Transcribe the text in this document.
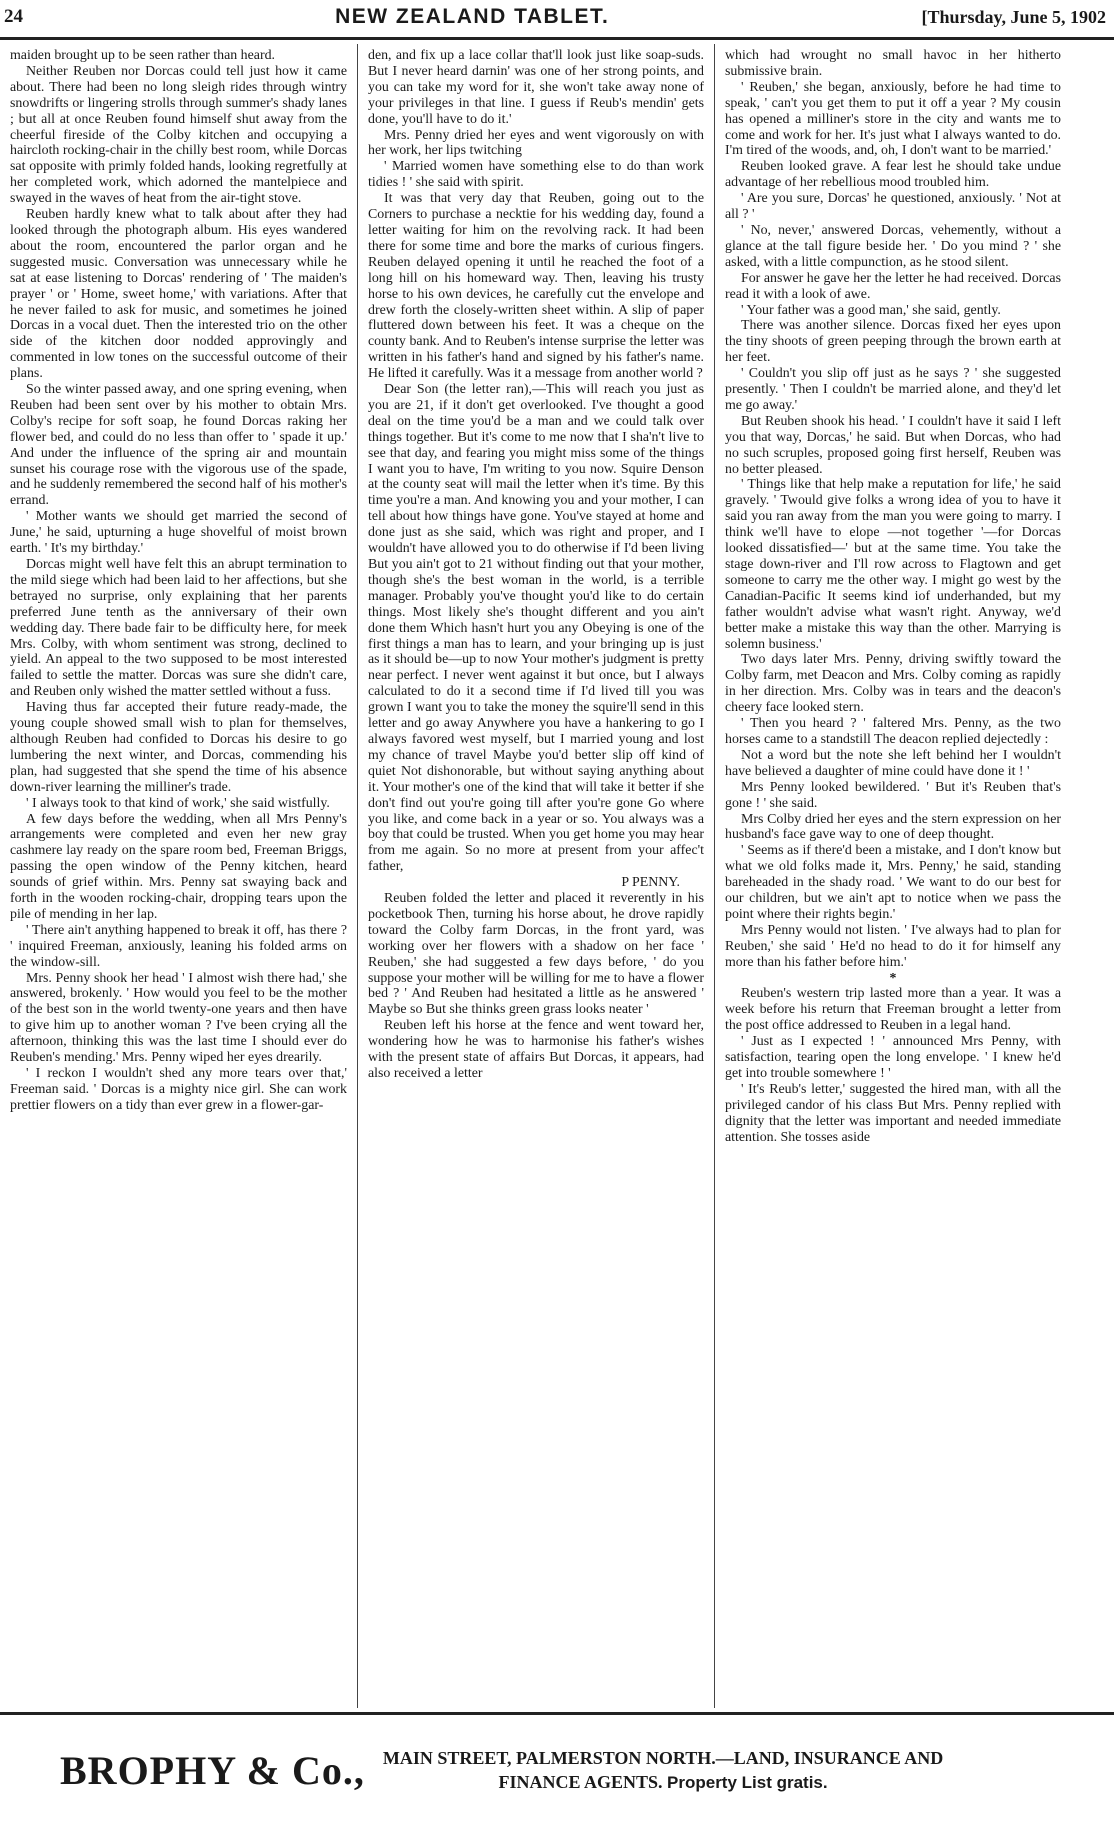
24	NEW ZEALAND TABLET.	[Thursday, June 5, 1902

maiden brought up to be seen rather than heard.

Neither Reuben nor Dorcas could tell just how it came about. There had been no long sleigh rides through wintry snowdrifts or lingering strolls through summer's shady lanes ; but all at once Reuben found himself shut away from the cheerful fireside of the Colby kitchen and occupying a haircloth rocking-chair in the chilly best room, while Dorcas sat opposite with primly folded hands, looking regretfully at her completed work, which adorned the mantelpiece and swayed in the waves of heat from the air-tight stove.

Reuben hardly knew what to talk about after they had looked through the photograph album. His eyes wandered about the room, encountered the parlor organ and he suggested music. Conversation was unnecessary while he sat at ease listening to Dorcas' rendering of ' The maiden's prayer ' or ' Home, sweet home,' with variations. After that he never failed to ask for music, and sometimes he joined Dorcas in a vocal duet. Then the interested trio on the other side of the kitchen door nodded approvingly and commented in low tones on the successful outcome of their plans.

So the winter passed away, and one spring evening, when Reuben had been sent over by his mother to obtain Mrs. Colby's recipe for soft soap, he found Dorcas raking her flower bed, and could do no less than offer to ' spade it up.' And under the influence of the spring air and mountain sunset his courage rose with the vigorous use of the spade, and he suddenly remembered the second half of his mother's errand.

' Mother wants we should get married the second of June,' he said, upturning a huge shovelful of moist brown earth. ' It's my birthday.'

Dorcas might well have felt this an abrupt termination to the mild siege which had been laid to her affections, but she betrayed no surprise, only explaining that her parents preferred June tenth as the anniversary of their own wedding day. There bade fair to be difficulty here, for meek Mrs. Colby, with whom sentiment was strong, declined to yield. An appeal to the two supposed to be most interested failed to settle the matter. Dorcas was sure she didn't care, and Reuben only wished the matter settled without a fuss.

Having thus far accepted their future ready-made, the young couple showed small wish to plan for themselves, although Reuben had confided to Dorcas his desire to go lumbering the next winter, and Dorcas, commending his plan, had suggested that she spend the time of his absence down-river learning the milliner's trade.

' I always took to that kind of work,' she said wistfully.

A few days before the wedding, when all Mrs Penny's arrangements were completed and even her new gray cashmere lay ready on the spare room bed, Freeman Briggs, passing the open window of the Penny kitchen, heard sounds of grief within. Mrs. Penny sat swaying back and forth in the wooden rocking-chair, dropping tears upon the pile of mending in her lap.

' There ain't anything happened to break it off, has there ? ' inquired Freeman, anxiously, leaning his folded arms on the window-sill.

Mrs. Penny shook her head ' I almost wish there had,' she answered, brokenly. ' How would you feel to be the mother of the best son in the world twenty-one years and then have to give him up to another woman ? I've been crying all the afternoon, thinking this was the last time I should ever do Reuben's mending.' Mrs. Penny wiped her eyes drearily.

' I reckon I wouldn't shed any more tears over that,' Freeman said. ' Dorcas is a mighty nice girl. She can work prettier flowers on a tidy than ever grew in a flower-gar-

den, and fix up a lace collar that'll look just like soap-suds. But I never heard darnin' was one of her strong points, and you can take my word for it, she won't take away none of your privileges in that line. I guess if Reub's mendin' gets done, you'll have to do it.'

Mrs. Penny dried her eyes and went vigorously on with her work, her lips twitching

' Married women have something else to do than work tidies ! ' she said with spirit.

It was that very day that Reuben, going out to the Corners to purchase a necktie for his wedding day, found a letter waiting for him on the revolving rack. It had been there for some time and bore the marks of curious fingers. Reuben delayed opening it until he reached the foot of a long hill on his homeward way. Then, leaving his trusty horse to his own devices, he carefully cut the envelope and drew forth the closely-written sheet within. A slip of paper fluttered down between his feet. It was a cheque on the county bank. And to Reuben's intense surprise the letter was written in his father's hand and signed by his father's name. He lifted it carefully. Was it a message from another world ?

Dear Son (the letter ran),—This will reach you just as you are 21, if it don't get overlooked. I've thought a good deal on the time you'd be a man and we could talk over things together. But it's come to me now that I sha'n't live to see that day, and fearing you might miss some of the things I want you to have, I'm writing to you now. Squire Denson at the county seat will mail the letter when it's time. By this time you're a man. And knowing you and your mother, I can tell about how things have gone. You've stayed at home and done just as she said, which was right and proper, and I wouldn't have allowed you to do otherwise if I'd been living But you ain't got to 21 without finding out that your mother, though she's the best woman in the world, is a terrible manager. Probably you've thought you'd like to do certain things. Most likely she's thought different and you ain't done them Which hasn't hurt you any Obeying is one of the first things a man has to learn, and your bringing up is just as it should be—up to now Your mother's judgment is pretty near perfect. I never went against it but once, but I always calculated to do it a second time if I'd lived till you was grown I want you to take the money the squire'll send in this letter and go away Anywhere you have a hankering to go I always favored west myself, but I married young and lost my chance of travel Maybe you'd better slip off kind of quiet Not dishonorable, but without saying anything about it. Your mother's one of the kind that will take it better if she don't find out you're going till after you're gone Go where you like, and come back in a year or so. You always was a boy that could be trusted. When you get home you may hear from me again. So no more at present from your affec't father,

P PENNY.

Reuben folded the letter and placed it reverently in his pocketbook Then, turning his horse about, he drove rapidly toward the Colby farm Dorcas, in the front yard, was working over her flowers with a shadow on her face ' Reuben,' she had suggested a few days before, ' do you suppose your mother will be willing for me to have a flower bed ? ' And Reuben had hesitated a little as he answered ' Maybe so But she thinks green grass looks neater '

Reuben left his horse at the fence and went toward her, wondering how he was to harmonise his father's wishes with the present state of affairs But Dorcas, it appears, had also received a letter

which had wrought no small havoc in her hitherto submissive brain.

' Reuben,' she began, anxiously, before he had time to speak, ' can't you get them to put it off a year ? My cousin has opened a milliner's store in the city and wants me to come and work for her. It's just what I always wanted to do. I'm tired of the woods, and, oh, I don't want to be married.'

Reuben looked grave. A fear lest he should take undue advantage of her rebellious mood troubled him.

' Are you sure, Dorcas' he questioned, anxiously. ' Not at all ? '

' No, never,' answered Dorcas, vehemently, without a glance at the tall figure beside her. ' Do you mind ? ' she asked, with a little compunction, as he stood silent.

For answer he gave her the letter he had received. Dorcas read it with a look of awe.

' Your father was a good man,' she said, gently.

There was another silence. Dorcas fixed her eyes upon the tiny shoots of green peeping through the brown earth at her feet.

' Couldn't you slip off just as he says ? ' she suggested presently. ' Then I couldn't be married alone, and they'd let me go away.'

But Reuben shook his head. ' I couldn't have it said I left you that way, Dorcas,' he said. But when Dorcas, who had no such scruples, proposed going first herself, Reuben was no better pleased.

' Things like that help make a reputation for life,' he said gravely. ' Twould give folks a wrong idea of you to have it said you ran away from the man you were going to marry. I think we'll have to elope —not together '—for Dorcas looked dissatisfied—' but at the same time. You take the stage down-river and I'll row across to Flagtown and get someone to carry me the other way. I might go west by the Canadian-Pacific It seems kind iof underhanded, but my father wouldn't advise what wasn't right. Anyway, we'd better make a mistake this way than the other. Marrying is solemn business.'

Two days later Mrs. Penny, driving swiftly toward the Colby farm, met Deacon and Mrs. Colby coming as rapidly in her direction. Mrs. Colby was in tears and the deacon's cheery face looked stern.

' Then you heard ? ' faltered Mrs. Penny, as the two horses came to a standstill The deacon replied dejectedly :

Not a word but the note she left behind her I wouldn't have believed a daughter of mine could have done it ! '

Mrs Penny looked bewildered. ' But it's Reuben that's gone ! ' she said.

Mrs Colby dried her eyes and the stern expression on her husband's face gave way to one of deep thought.

' Seems as if there'd been a mistake, and I don't know but what we old folks made it, Mrs. Penny,' he said, standing bareheaded in the shady road. ' We want to do our best for our children, but we ain't apt to notice when we pass the point where their rights begin.'

Mrs Penny would not listen. ' I've always had to plan for Reuben,' she said ' He'd no head to do it for himself any more than his father before him.'

*

Reuben's western trip lasted more than a year. It was a week before his return that Freeman brought a letter from the post office addressed to Reuben in a legal hand.

' Just as I expected ! ' announced Mrs Penny, with satisfaction, tearing open the long envelope. ' I knew he'd get into trouble somewhere ! '

' It's Reub's letter,' suggested the hired man, with all the privileged candor of his class But Mrs. Penny replied with dignity that the letter was important and needed immediate attention. She tosses aside

BROPHY & Co., MAIN STREET, PALMERSTON NORTH.—LAND, INSURANCE AND
FINANCE AGENTS. Property List gratis.
